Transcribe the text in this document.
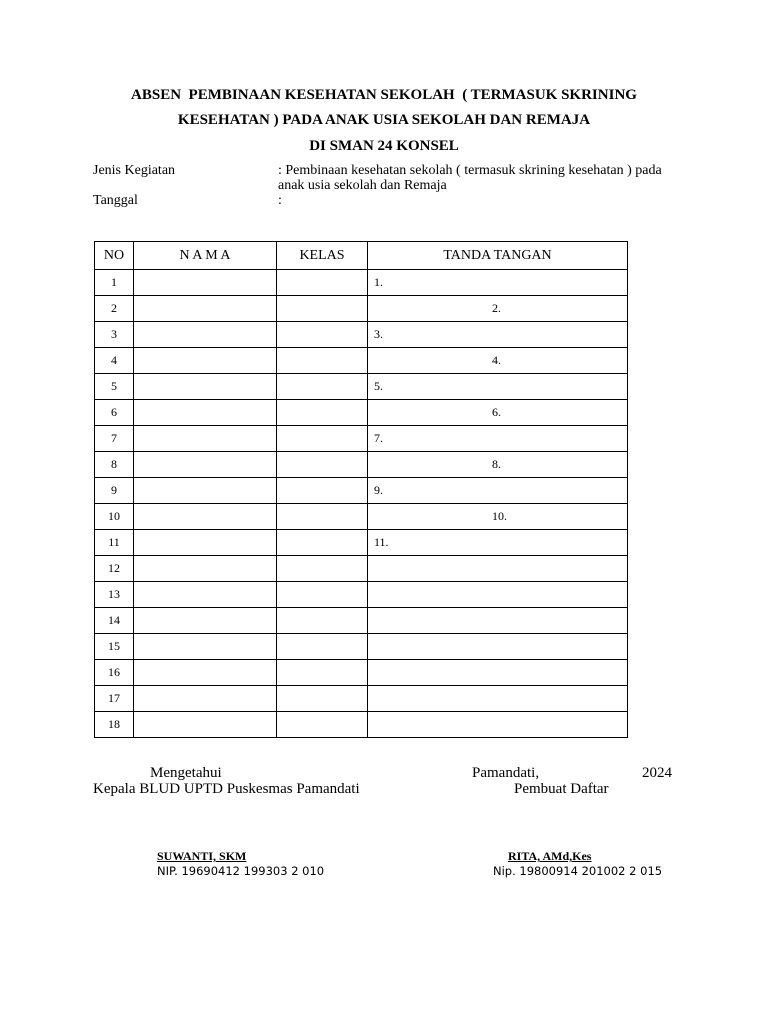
ABSEN  PEMBINAAN KESEHATAN SEKOLAH  ( TERMASUK SKRINING
KESEHATAN ) PADA ANAK USIA SEKOLAH DAN REMAJA
DI SMAN 24 KONSEL
Jenis Kegiatan	: Pembinaan kesehatan sekolah ( termasuk skrining kesehatan ) pada anak usia sekolah dan Remaja
Tanggal	:
NO	N A M A	KELAS	TANDA TANGAN
1			1.

2			2.

3			3.

4			4.

5			5.

6			6.

7			7.

8			8.

9			9.

10			10.

11			11.

12			

13			

14			

15			

16			

17			

18			
Mengetahui
Kepala BLUD UPTD Puskesmas Pamandati
Pamandati,	2024
Pembuat Daftar
SUWANTI, SKM
NIP. 19690412 199303 2 010
RITA, AMd,Kes
Nip. 19800914 201002 2 015
